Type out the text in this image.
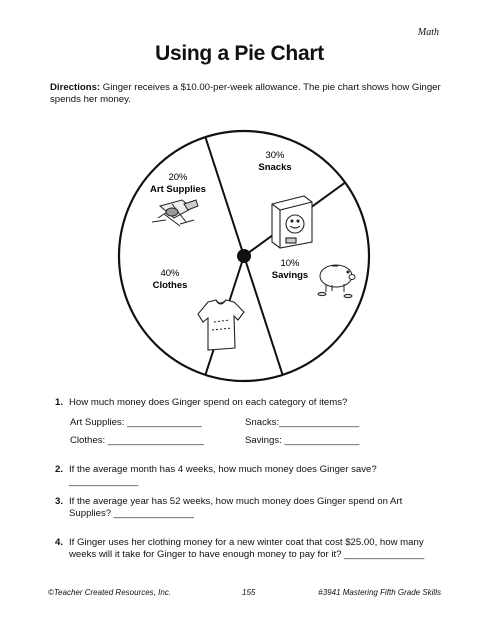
Math
Using a Pie Chart
Directions: Ginger receives a $10.00-per-week allowance. The pie chart shows how Ginger spends her money.
20%
Art Supplies
30%
Snacks
10%
Savings
40%
Clothes
1. How much money does Ginger spend on each category of items?
Art Supplies: ______________	Snacks:_______________
Clothes: __________________	Savings: ______________
2. If the average month has 4 weeks, how much money does Ginger save?_____________
3. If the average year has 52 weeks, how much money does Ginger spend on Art Supplies? _______________
4. If Ginger uses her clothing money for a new winter coat that cost $25.00, how many weeks will it take for Ginger to have enough money to pay for it? _______________
©Teacher Created Resources, Inc.	155	#3941 Mastering Fifth Grade Skills
